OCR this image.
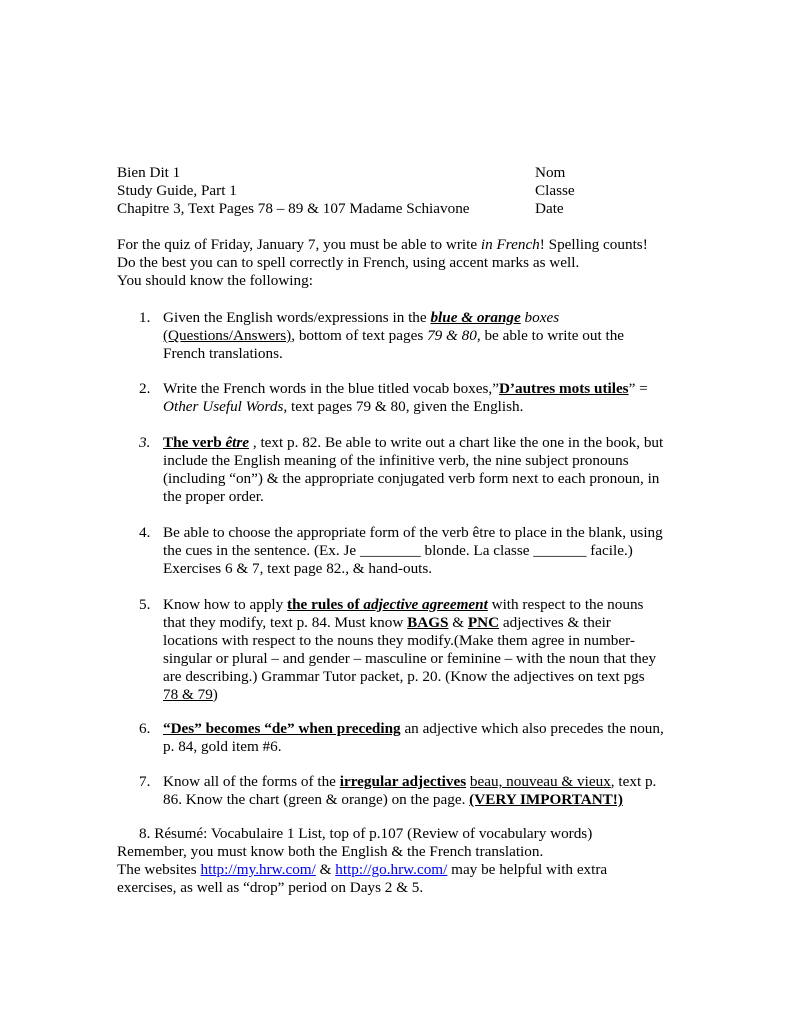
Bien Dit 1	Nom
Study Guide, Part 1	Classe
Chapitre 3, Text Pages 78 – 89 & 107 Madame Schiavone	Date

For the quiz of Friday, January 7, you must be able to write in French! Spelling counts!

Do the best you can to spell correctly in French, using accent marks as well.

You should know the following:

1. Given the English words/expressions in the blue & orange boxes
(Questions/Answers), bottom of text pages 79 & 80, be able to write out the
French translations.
2. Write the French words in the blue titled vocab boxes,”D’autres mots utiles” =
Other Useful Words, text pages 79 & 80, given the English.
3. The verb être , text p. 82. Be able to write out a chart like the one in the book, but
include the English meaning of the infinitive verb, the nine subject pronouns
(including “on”) & the appropriate conjugated verb form next to each pronoun, in
the proper order.
4. Be able to choose the appropriate form of the verb être to place in the blank, using
the cues in the sentence. (Ex. Je ________ blonde. La classe _______ facile.)
Exercises 6 & 7, text page 82., & hand-outs.
5. Know how to apply the rules of adjective agreement with respect to the nouns
that they modify, text p. 84. Must know BAGS & PNC adjectives & their
locations with respect to the nouns they modify.(Make them agree in number-
singular or plural – and gender – masculine or feminine – with the noun that they
are describing.) Grammar Tutor packet, p. 20. (Know the adjectives on text pgs
78 & 79)
6. “Des” becomes “de” when preceding an adjective which also precedes the noun,
p. 84, gold item #6.
7. Know all of the forms of the irregular adjectives beau, nouveau & vieux, text p.
86. Know the chart (green & orange) on the page. (VERY IMPORTANT!)
8. Résumé: Vocabulaire 1 List, top of p.107 (Review of vocabulary words)
Remember, you must know both the English & the French translation.
The websites http://my.hrw.com/ & http://go.hrw.com/ may be helpful with extra
exercises, as well as “drop” period on Days 2 & 5.
